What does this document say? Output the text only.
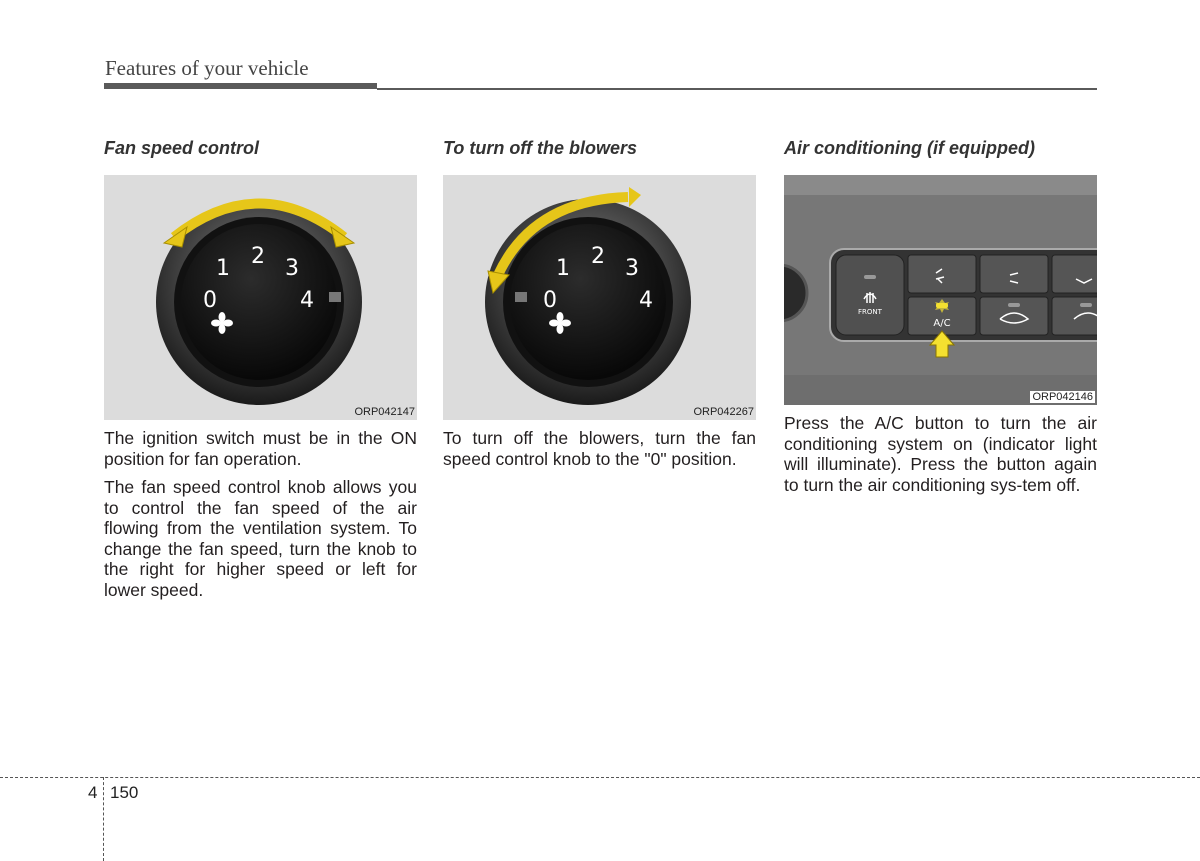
Features of your vehicle
Fan speed control
0
1 2 3
4
ORP042147

The ignition switch must be in the ON position for fan operation.

The fan speed control knob allows you to control the fan speed of the air flowing from the ventilation system. To change the fan speed, turn the knob to the right for higher speed or left for lower speed.

To turn off the blowers
0
1 2 3
4
ORP042267

To turn off the blowers, turn the fan speed control knob to the "0" position.

Air conditioning (if equipped)
FRONT
A/C
ORP042146

Press the A/C button to turn the air conditioning system on (indicator light will illuminate). Press the button again to turn the air conditioning sys-tem off.

4 150
